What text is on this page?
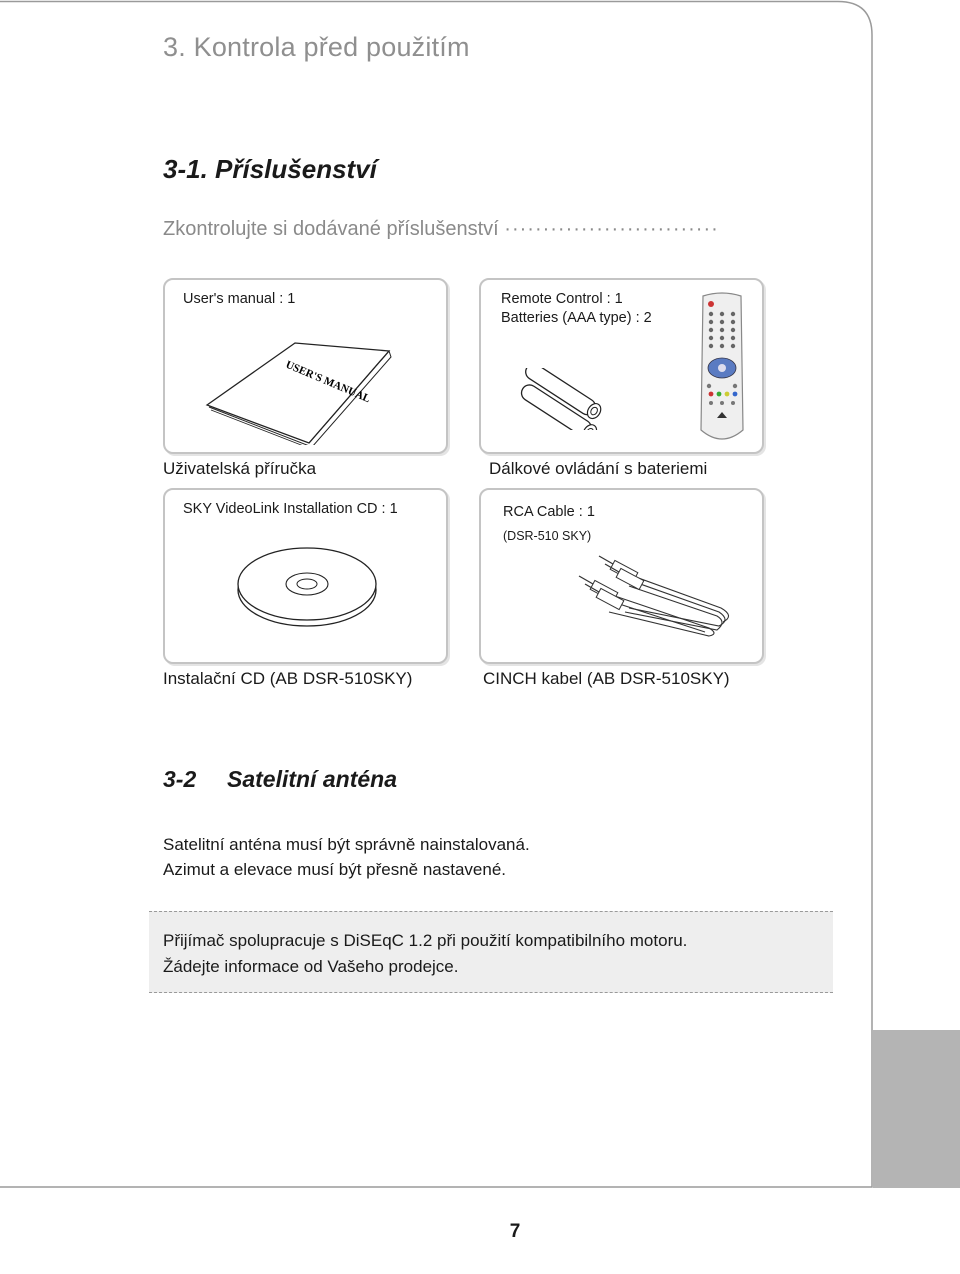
3. Kontrola před použitím
3-1. Příslušenství
Zkontrolujte si dodávané příslušenství ····························
User's manual : 1
USER'S MANUAL
Uživatelská příručka
Remote Control : 1
Batteries (AAA type) : 2
Dálkové ovládání s bateriemi
SKY VideoLink Installation CD : 1
Instalační CD (AB DSR-510SKY)
RCA Cable : 1
(DSR-510 SKY)
CINCH kabel (AB DSR-510SKY)
3-2 Satelitní anténa
Satelitní anténa musí být správně nainstalovaná.
Azimut a elevace musí být přesně nastavené.
Přijímač spolupracuje s DiSEqC 1.2 při použití kompatibilního motoru.
Žádejte informace od Vašeho prodejce.
7
